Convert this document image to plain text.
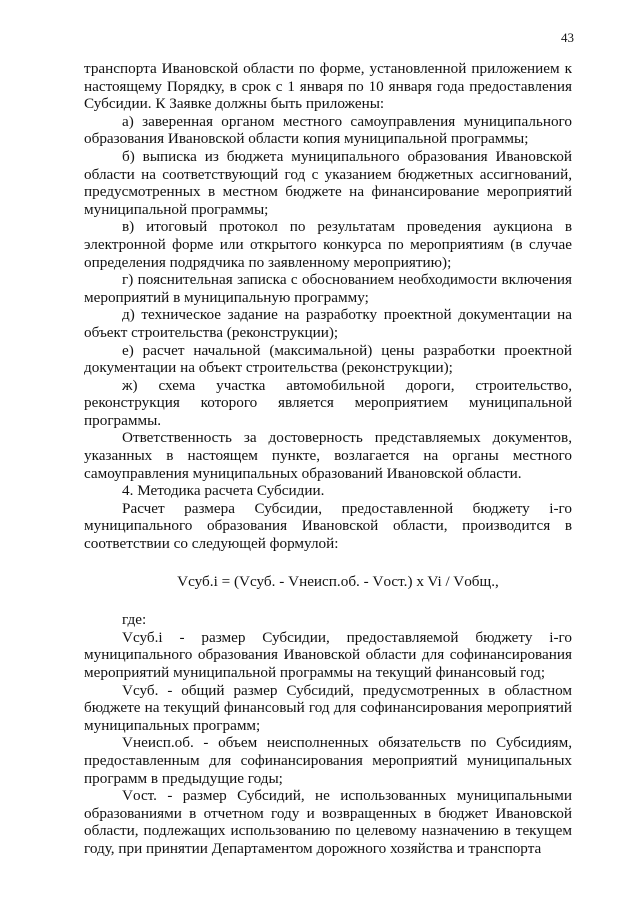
43

транспорта Ивановской области по форме, установленной приложением к настоящему Порядку, в срок с 1 января по 10 января года предоставления Субсидии. К Заявке должны быть приложены:

а) заверенная органом местного самоуправления муниципального образования Ивановской области копия муниципальной программы;

б) выписка из бюджета муниципального образования Ивановской области на соответствующий год с указанием бюджетных ассигнований, предусмотренных в местном бюджете на финансирование мероприятий муниципальной программы;

в) итоговый протокол по результатам проведения аукциона в электронной форме или открытого конкурса по мероприятиям (в случае определения подрядчика по заявленному мероприятию);

г) пояснительная записка с обоснованием необходимости включения мероприятий в муниципальную программу;

д) техническое задание на разработку проектной документации на объект строительства (реконструкции);

е) расчет начальной (максимальной) цены разработки проектной документации на объект строительства (реконструкции);

ж) схема участка автомобильной дороги, строительство, реконструкция которого является мероприятием муниципальной программы.

Ответственность за достоверность представляемых документов, указанных в настоящем пункте, возлагается на органы местного самоуправления муниципальных образований Ивановской области.

4. Методика расчета Субсидии.

Расчет размера Субсидии, предоставленной бюджету i-го муниципального образования Ивановской области, производится в соответствии со следующей формулой:

Vсуб.i = (Vсуб. - Vнеисп.об. - Vост.) x Vi / Vобщ.,

где:

Vсуб.i - размер Субсидии, предоставляемой бюджету i-го муниципального образования Ивановской области для софинансирования мероприятий муниципальной программы на текущий финансовый год;

Vсуб. - общий размер Субсидий, предусмотренных в областном бюджете на текущий финансовый год для софинансирования мероприятий муниципальных программ;

Vнеисп.об. - объем неисполненных обязательств по Субсидиям, предоставленным для софинансирования мероприятий муниципальных программ в предыдущие годы;

Vост. - размер Субсидий, не использованных муниципальными образованиями в отчетном году и возвращенных в бюджет Ивановской области, подлежащих использованию по целевому назначению в текущем году, при принятии Департаментом дорожного хозяйства и транспорта
